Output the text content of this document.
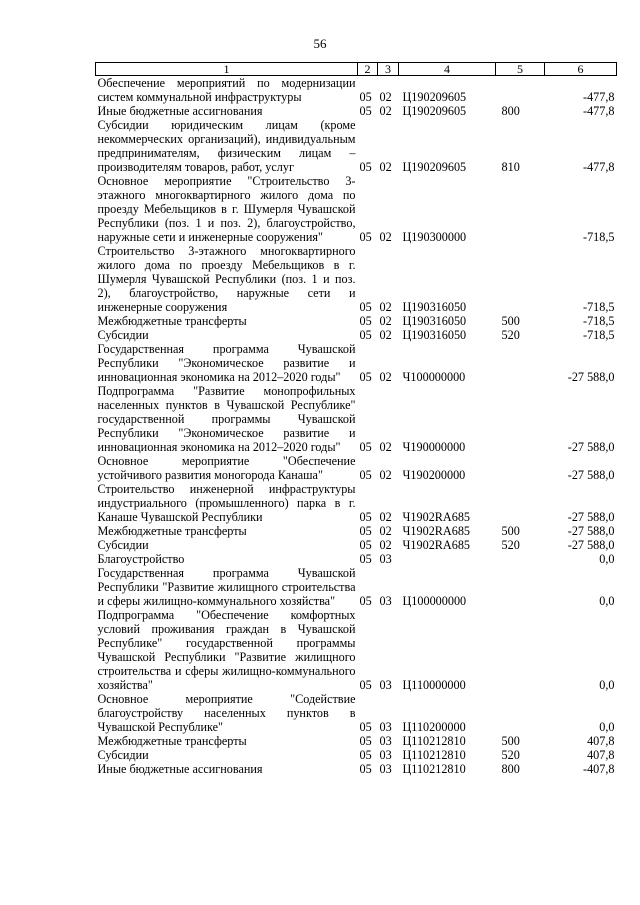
56
1	2	3	4	5	6
Обеспечение мероприятий по модернизации систем коммунальной инфраструктуры	05	02	Ц190209605		-477,8
Иные бюджетные ассигнования	05	02	Ц190209605	800	-477,8
Субсидии юридическим лицам (кроме некоммерческих организаций), индивидуальным предпринимателям, физическим лицам – производителям товаров, работ, услуг	05	02	Ц190209605	810	-477,8
Основное мероприятие "Строительство 3-этажного многоквартирного жилого дома по проезду Мебельщиков в г. Шумерля Чувашской Республики (поз. 1 и поз. 2), благоустройство, наружные сети и инженерные сооружения"	05	02	Ц190300000		-718,5
Строительство 3-этажного многоквартирного жилого дома по проезду Мебельщиков в г. Шумерля Чувашской Республики (поз. 1 и поз. 2), благоустройство, наружные сети и инженерные сооружения	05	02	Ц190316050		-718,5
Межбюджетные трансферты	05	02	Ц190316050	500	-718,5
Субсидии	05	02	Ц190316050	520	-718,5
Государственная программа Чувашской Республики "Экономическое развитие и инновационная экономика на 2012–2020 годы"	05	02	Ч100000000		-27 588,0
Подпрограмма "Развитие монопрофильных населенных пунктов в Чувашской Республике" государственной программы Чувашской Республики "Экономическое развитие и инновационная экономика на 2012–2020 годы"	05	02	Ч190000000		-27 588,0
Основное мероприятие "Обеспечение устойчивого развития моногорода Канаша"	05	02	Ч190200000		-27 588,0
Строительство инженерной инфраструктуры индустриального (промышленного) парка в г. Канаше Чувашской Республики	05	02	Ч1902RA685		-27 588,0
Межбюджетные трансферты	05	02	Ч1902RA685	500	-27 588,0
Субсидии	05	02	Ч1902RA685	520	-27 588,0
Благоустройство	05	03			0,0
Государственная программа Чувашской Республики "Развитие жилищного строительства и сферы жилищно-коммунального хозяйства"	05	03	Ц100000000		0,0
Подпрограмма "Обеспечение комфортных условий проживания граждан в Чувашской Республике" государственной программы Чувашской Республики "Развитие жилищного строительства и сферы жилищно-коммунального хозяйства"	05	03	Ц110000000		0,0
Основное мероприятие "Содействие благоустройству населенных пунктов в Чувашской Республике"	05	03	Ц110200000		0,0
Межбюджетные трансферты	05	03	Ц110212810	500	407,8
Субсидии	05	03	Ц110212810	520	407,8
Иные бюджетные ассигнования	05	03	Ц110212810	800	-407,8
